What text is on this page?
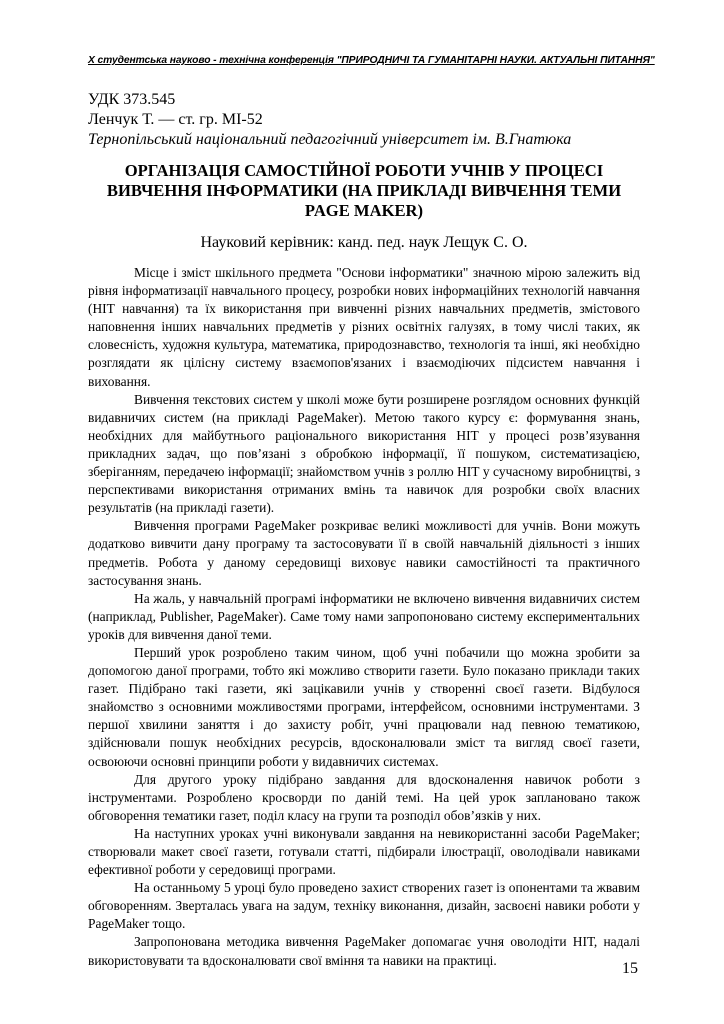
X студентська науково - технічна конференція "ПРИРОДНИЧІ ТА ГУМАНІТАРНІ НАУКИ. АКТУАЛЬНІ ПИТАННЯ"
УДК 373.545
Ленчук Т. — ст. гр. МІ-52
Тернопільський національний педагогічний університет ім. В.Гнатюка
ОРГАНІЗАЦІЯ САМОСТІЙНОЇ РОБОТИ УЧНІВ У ПРОЦЕСІ ВИВЧЕННЯ ІНФОРМАТИКИ (НА ПРИКЛАДІ ВИВЧЕННЯ ТЕМИ PAGE MAKER)
Науковий керівник: канд. пед. наук Лещук С. О.

Місце і зміст шкільного предмета "Основи інформатики" значною мірою залежить від рівня інформатизації навчального процесу, розробки нових інформаційних технологій навчання (НІТ навчання) та їх використання при вивченні різних навчальних предметів, змістового наповнення інших навчальних предметів у різних освітніх галузях, в тому числі таких, як словесність, художня культура, математика, природознавство, технологія та інші, які необхідно розглядати як цілісну систему взаємопов'язаних і взаємодіючих підсистем навчання і виховання.

Вивчення текстових систем у школі може бути розширене розглядом основних функцій видавничих систем (на прикладі PageMaker). Метою такого курсу є: формування знань, необхідних для майбутнього раціонального використання НІТ у процесі розв’язування прикладних задач, що пов’язані з обробкою інформації, її пошуком, систематизацією, зберіганням, передачею інформації; знайомством учнів з роллю НІТ у сучасному виробництві, з перспективами використання отриманих вмінь та навичок для розробки своїх власних результатів (на прикладі газети).

Вивчення програми PageMaker розкриває великі можливості для учнів. Вони можуть додатково вивчити дану програму та застосовувати її в своїй навчальній діяльності з інших предметів. Робота у даному середовищі виховує навики самостійності та практичного застосування знань.

На жаль, у навчальній програмі інформатики не включено вивчення видавничих систем (наприклад, Publisher, PageMaker). Саме тому нами запропоновано систему експериментальних уроків для вивчення даної теми.

Перший урок розроблено таким чином, щоб учні побачили що можна зробити за допомогою даної програми, тобто які можливо створити газети. Було показано приклади таких газет. Підібрано такі газети, які зацікавили учнів у створенні своєї газети. Відбулося знайомство з основними можливостями програми, інтерфейсом, основними інструментами. З першої хвилини заняття і до захисту робіт, учні працювали над певною тематикою, здійснювали пошук необхідних ресурсів, вдосконалювали зміст та вигляд своєї газети, освоюючи основні принципи роботи у видавничих системах.

Для другого уроку підібрано завдання для вдосконалення навичок роботи з інструментами. Розроблено кросворди по даній темі. На цей урок заплановано також обговорення тематики газет, поділ класу на групи та розподіл обов’язків у них.

На наступних уроках учні виконували завдання на невикористанні засоби PageMaker; створювали макет своєї газети, готували статті, підбирали ілюстрації, оволодівали навиками ефективної роботи у середовищі програми.

На останньому 5 уроці було проведено захист створених газет із опонентами та жвавим обговоренням. Зверталась увага на задум, техніку виконання, дизайн, засвоєні навики роботи у PageMaker тощо.

Запропонована методика вивчення PageMaker допомагає учня оволодіти НІТ, надалі використовувати та вдосконалювати свої вміння та навики на практиці.	15
